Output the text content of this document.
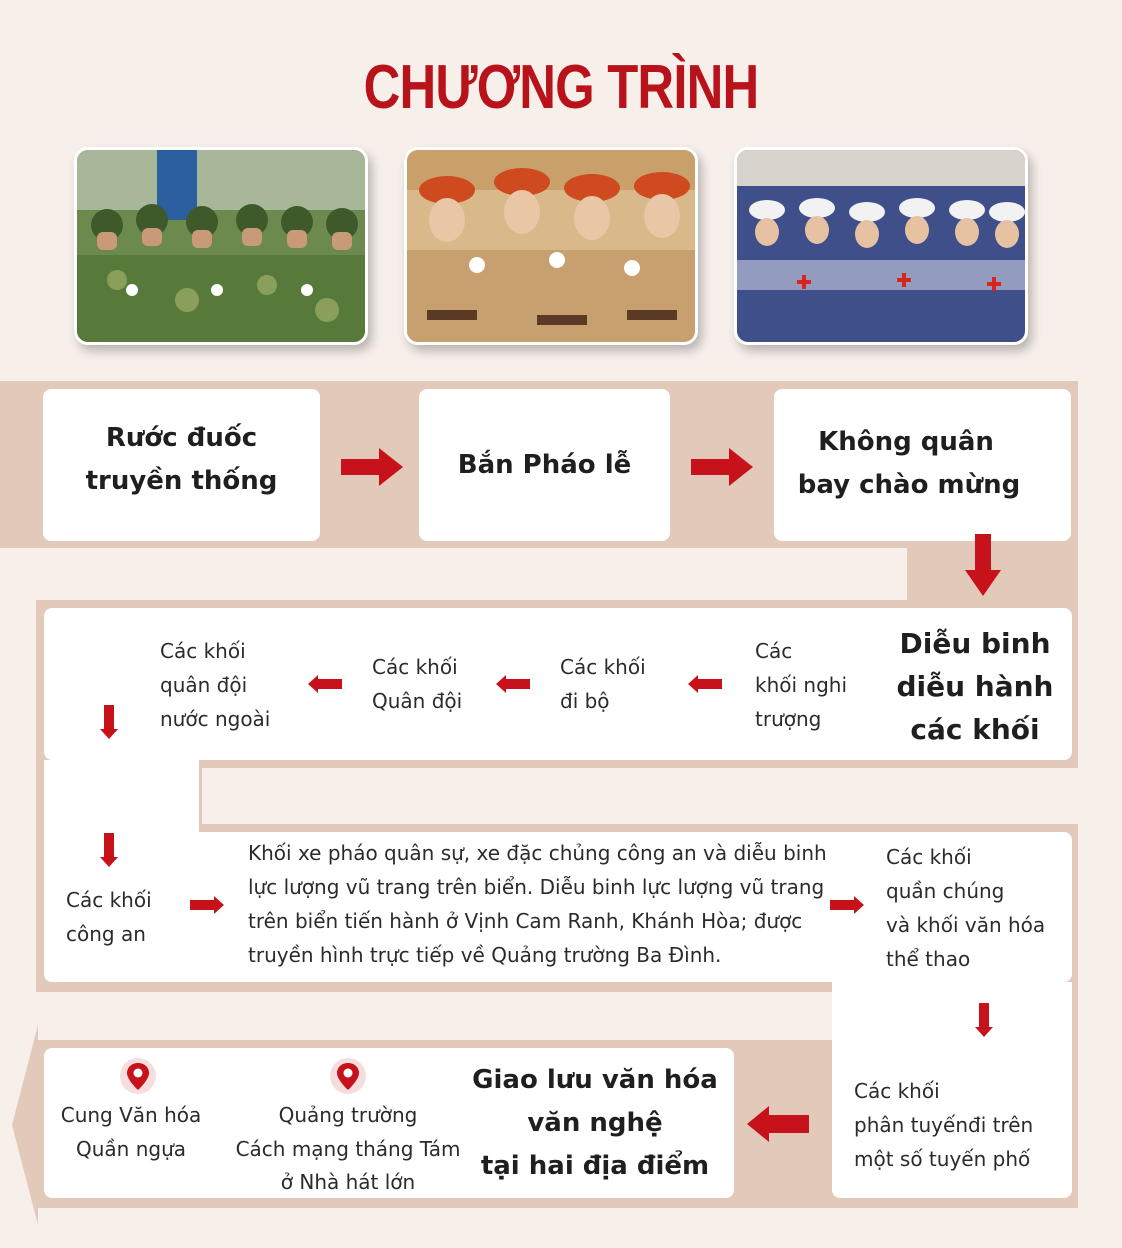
CHƯƠNG TRÌNH
Rước đuốc
truyền thống
Bắn Pháo lễ
Không quân
bay chào mừng
Diễu binh
diễu hành
các khối
Các
khối nghi
trượng
Các khối
đi bộ
Các khối
Quân đội
Các khối
quân đội
nước ngoài
Các khối
công an
Khối xe pháo quân sự, xe đặc chủng công an và diễu binh
lực lượng vũ trang trên biển. Diễu binh lực lượng vũ trang
trên biển tiến hành ở Vịnh Cam Ranh, Khánh Hòa; được
truyền hình trực tiếp về Quảng trường Ba Đình.
Các khối
quần chúng
và khối văn hóa
thể thao
Các khối
phân tuyếnđi trên
một số tuyến phố
Giao lưu văn hóa
văn nghệ
tại hai địa điểm
Quảng trường
Cách mạng tháng Tám
ở Nhà hát lớn
Cung Văn hóa
Quần ngựa
